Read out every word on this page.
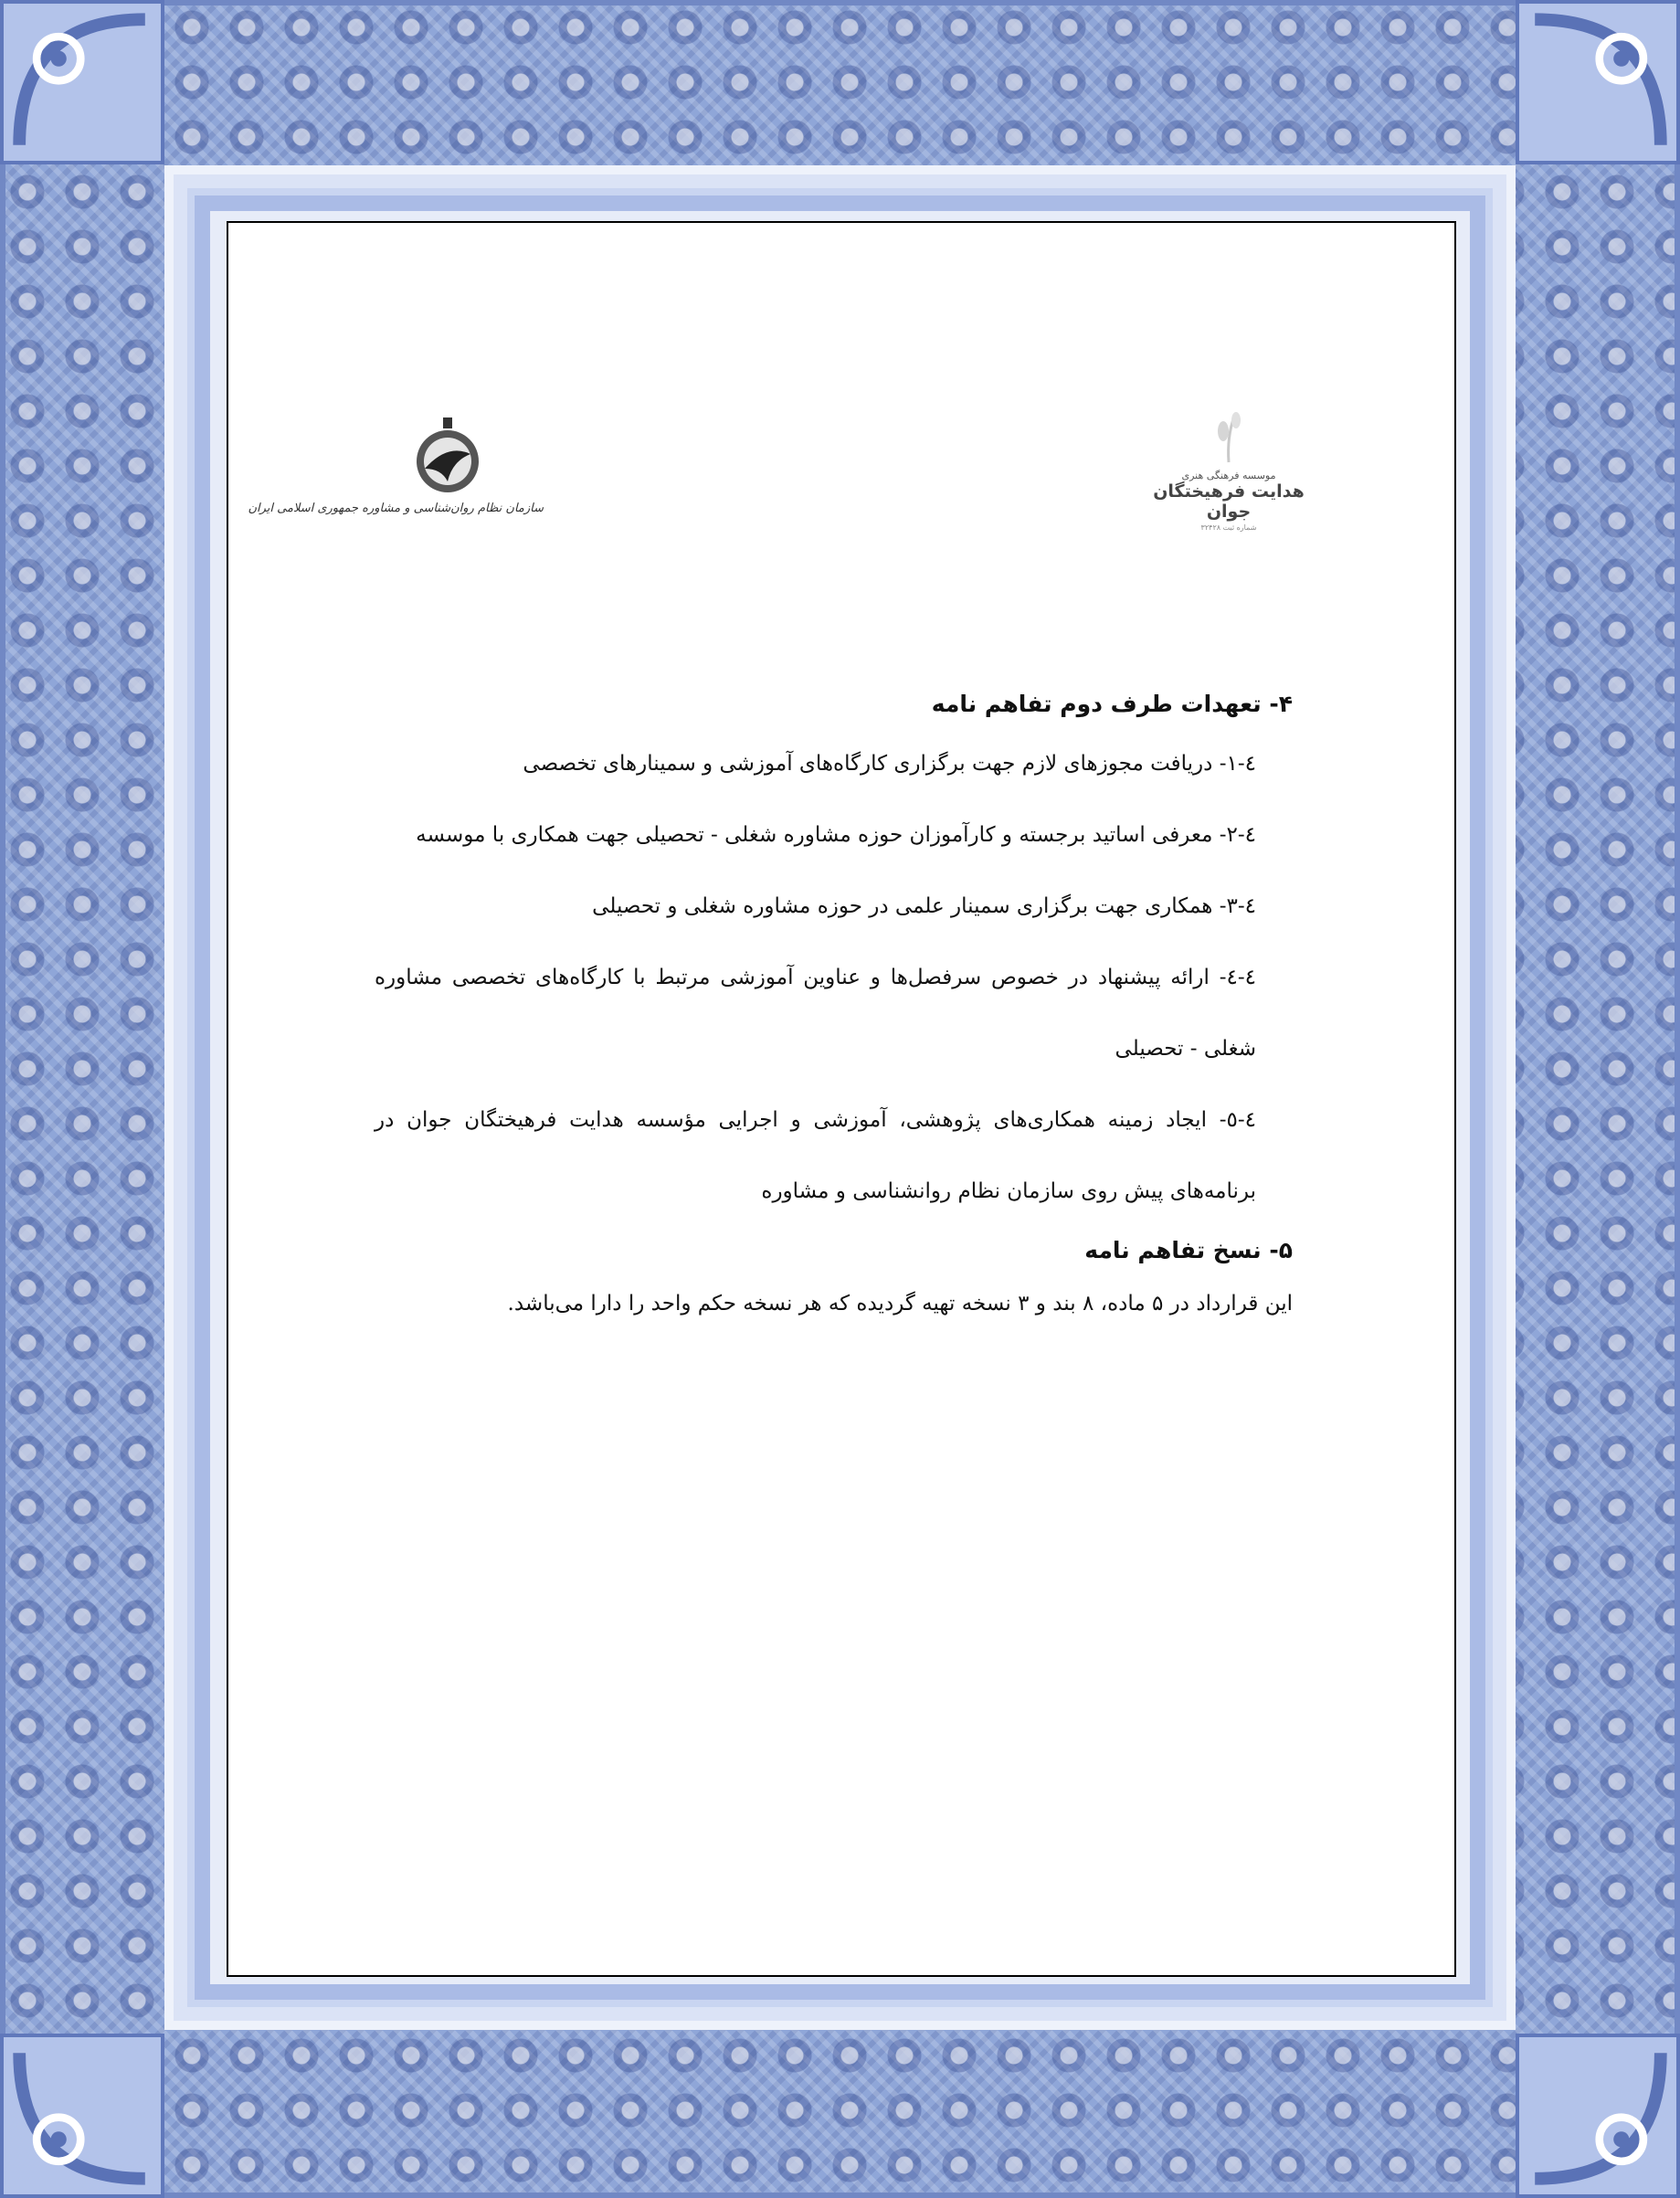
سازمان نظام روان‌شناسی و مشاوره جمهوری اسلامی ایران
موسسه فرهنگی هنری
هدایت فرهیختگان جوان
شماره ثبت ۳۲۴۲۸
۴- تعهدات طرف دوم تفاهم نامه
٤-١- دریافت مجوزهای لازم جهت برگزاری کارگاه‌های آموزشی و سمینارهای تخصصی
٤-٢- معرفی اساتید برجسته و کارآموزان حوزه مشاوره شغلی - تحصیلی جهت همکاری با موسسه
٤-٣- همکاری جهت برگزاری سمینار علمی در حوزه مشاوره شغلی و تحصیلی
٤-٤- ارائه پیشنهاد در خصوص سرفصل‌ها و عناوین آموزشی مرتبط با کارگاه‌های تخصصی مشاوره شغلی - تحصیلی
٤-٥- ایجاد زمینه همکاری‌های پژوهشی، آموزشی و اجرایی مؤسسه هدایت فرهیختگان جوان در برنامه‌های پیش روی سازمان نظام روانشناسی و مشاوره
۵- نسخ تفاهم نامه
این قرارداد در ۵ ماده، ۸ بند و ۳ نسخه تهیه گردیده که هر نسخه حکم واحد را دارا می‌باشد.
